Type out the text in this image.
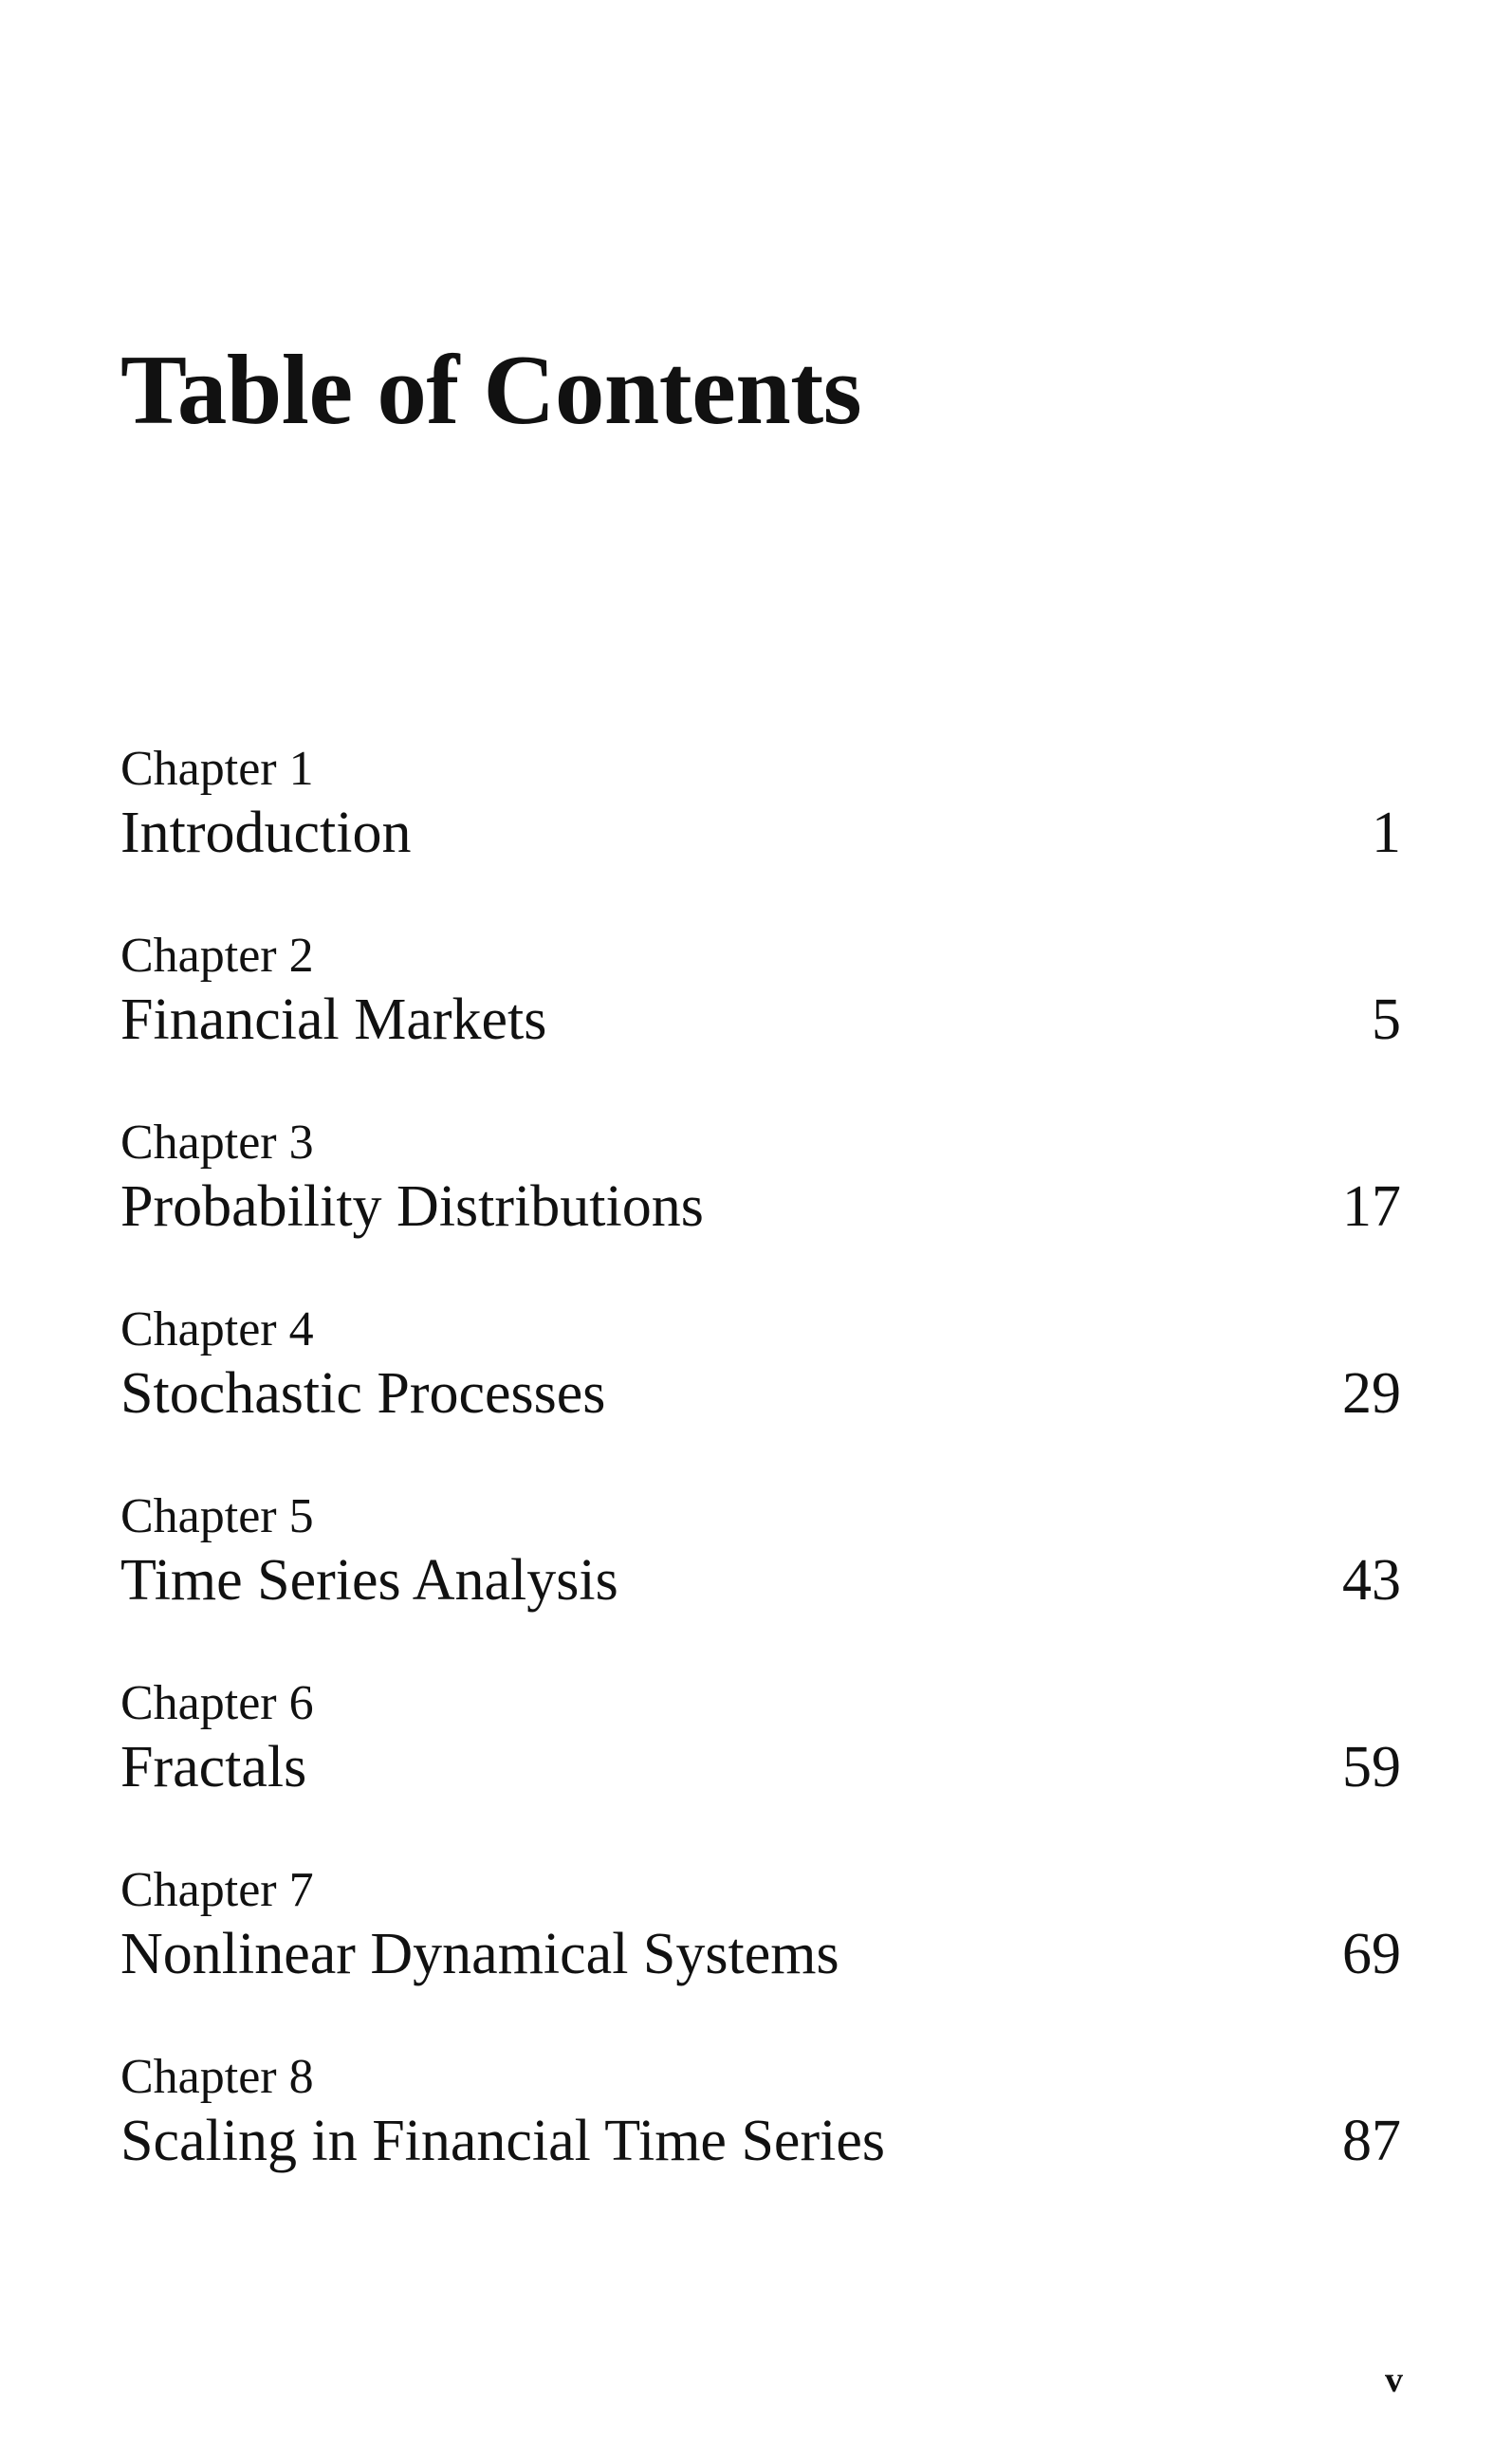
Table of Contents
Chapter 1
Introduction	1
Chapter 2
Financial Markets	5
Chapter 3
Probability Distributions	17
Chapter 4
Stochastic Processes	29
Chapter 5
Time Series Analysis	43
Chapter 6
Fractals	59
Chapter 7
Nonlinear Dynamical Systems	69
Chapter 8
Scaling in Financial Time Series	87
v
